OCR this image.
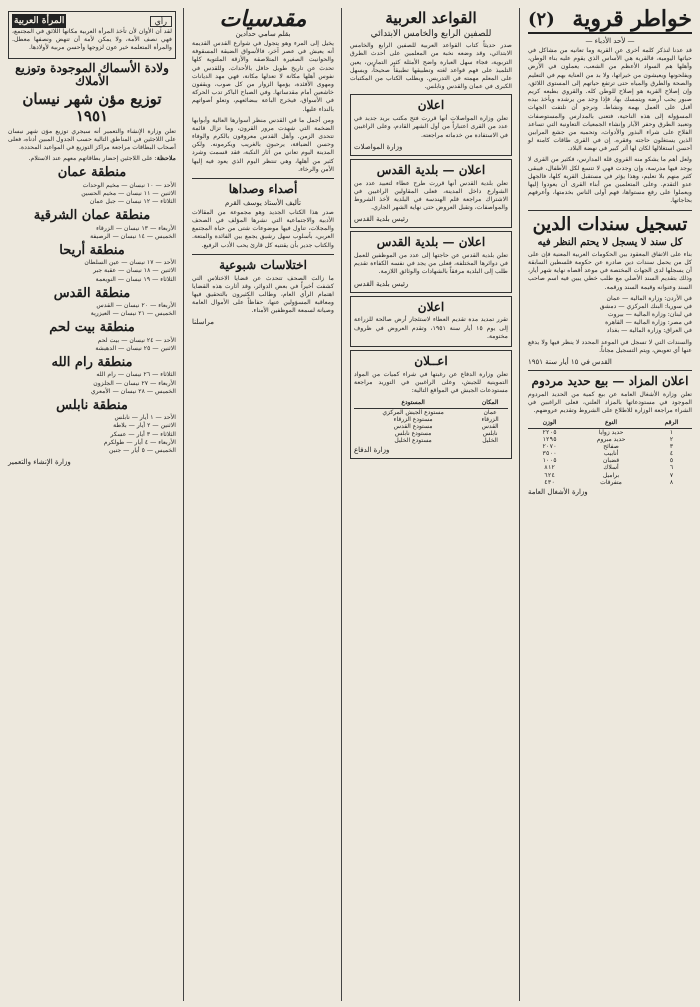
خواطر قروية
(٢)
— لأحد الأدباء —

قد عدنا لنذكر كلمة أخرى عن القرية وما تعانيه من مشاكل في حياتها اليومية، فالقرية هي الأساس الذي يقوم عليه بناء الوطن، وأهلها هم السواد الأعظم من الشعب، يعملون في الأرض ويفلحونها ويعيشون من خيراتها، ولا بد من العناية بهم في التعليم والصحة والطرق والمياه حتى ترتفع حياتهم إلى المستوى اللائق، وإن إصلاح القرية هو إصلاح للوطن كله. والقروي بطبعه كريم صبور يحب أرضه ويتمسك بها، فإذا وجد من يرشده ويأخذ بيده أقبل على العمل بهمة ونشاط. ونرجو أن تلتفت الجهات المسؤولة إلى هذه الناحية، فتعنى بالمدارس والمستوصفات وتعبيد الطرق وحفر الآبار وإنشاء الجمعيات التعاونية التي تساعد الفلاح على شراء البذور والأدوات، وتحميه من جشع المرابين الذين يستغلون حاجته وفقره. إن في القرى طاقات كامنة لو أحسن استغلالها لكان لها أثر كبير في نهضة البلاد.

ولعل أهم ما يشكو منه القروي قلة المدارس، فكثير من القرى لا يوجد فيها مدرسة، وإن وجدت فهي لا تتسع لكل الأطفال، فيبقى كثير منهم بلا تعليم، وهذا يؤثر في مستقبل القرية كلها، فالجهل عدو التقدم. وعلى المتعلمين من أبناء القرى أن يعودوا إليها ويعملوا على رفع مستواها، فهم أولى الناس بخدمتها، وأعرفهم بحاجاتها.

تسجيل سندات الدين
كل سند لا يسجل لا يحتم النظر فيه

بناء على الاتفاق المعقود بين الحكومات العربية المعنية فإن على كل من يحمل سندات دين صادرة عن حكومة فلسطين السابقة أن يسجلها لدى الجهات المختصة في موعد أقصاه نهاية شهر أيار، وذلك بتقديم السند الأصلي مع طلب خطي يبين فيه اسم صاحب السند وعنوانه وقيمة السند ورقمه.

في الأردن: وزارة المالية — عمان
في سوريا: البنك المركزي — دمشق
في لبنان: وزارة المالية — بيروت
في مصر: وزارة المالية — القاهرة
في العراق: وزارة المالية — بغداد

والسندات التي لا تسجل في الموعد المحدد لا ينظر فيها ولا يدفع عنها أي تعويض، ويتم التسجيل مجاناً.

القدس في ١٥ أيار سنة ١٩٥١
اعلان المزاد — بيع حديد مردوم

تعلن وزارة الأشغال العامة عن بيع كمية من الحديد المردوم الموجود في مستودعاتها بالمزاد العلني، فعلى الراغبين في الشراء مراجعة الوزارة للاطلاع على الشروط وتقديم عروضهم.

الرقم	النوع	الوزن
١	حديد زوايا	٢٢٠٥
٢	حديد مبروم	١٢٩٥
٣	صفائح	٢٠٧٠
٤	أنابيب	٣٥٠٠
٥	قضبان	١٠٠٥
٦	أسلاك	٨١٢
٧	براميل	٦٢٤
٨	متفرقات	٤٣٠
وزارة الأشغال العامة
القواعد العربية
للصفين الرابع والخامس الابتدائي

صدر حديثاً كتاب القواعد العربية للصفين الرابع والخامس الابتدائي، وقد وضعه نخبة من المعلمين على أحدث الطرق التربوية، فجاء سهل العبارة واضح الأمثلة كثير التمارين، يعين التلميذ على فهم قواعد لغته وتطبيقها تطبيقاً صحيحاً، ويسهل على المعلم مهمته في التدريس. ويطلب الكتاب من المكتبات الكبرى في عمان والقدس ونابلس.

اعلان

تعلن وزارة المواصلات أنها قررت فتح مكتب بريد جديد في عدد من القرى اعتباراً من أول الشهر القادم، وعلى الراغبين في الاستفادة من خدماته مراجعته.

وزارة المواصلات
اعلان — بلدية القدس

تعلن بلدية القدس أنها قررت طرح عطاء لتعبيد عدد من الشوارع داخل المدينة، فعلى المقاولين الراغبين في الاشتراك مراجعة قلم الهندسة في البلدية لأخذ الشروط والمواصفات، وتقبل العروض حتى نهاية الشهر الجاري.

رئيس بلدية القدس
اعلان — بلدية القدس

تعلن بلدية القدس عن حاجتها إلى عدد من الموظفين للعمل في دوائرها المختلفة، فعلى من يجد في نفسه الكفاءة تقديم طلب إلى البلدية مرفقاً بالشهادات والوثائق اللازمة.

رئيس بلدية القدس
اعلان

تقرر تمديد مدة تقديم العطاء لاستئجار أرض صالحة للزراعة إلى يوم ١٥ أيار سنة ١٩٥١، وتقدم العروض في ظروف مختومة.

اعــلان

تعلن وزارة الدفاع عن رغبتها في شراء كميات من المواد التموينية للجيش، وعلى الراغبين في التوريد مراجعة مستودعات الجيش في المواقع التالية:

المكان	المستودع
عمان	مستودع الجيش المركزي
الزرقاء	مستودع الزرقاء
القدس	مستودع القدس
نابلس	مستودع نابلس
الخليل	مستودع الخليل
وزارة الدفاع
مقدسيات
بقلم سامي حدادين

يخيل إلى المرء وهو يتجول في شوارع القدس القديمة أنه يعيش في عصر آخر، فالأسواق الضيقة المسقوفة والحوانيت الصغيرة المتلاصقة والأزقة الملتوية كلها تحدث عن تاريخ طويل حافل بالأحداث. وللقدس في نفوس أهلها مكانة لا تعدلها مكانة، فهي مهد الديانات ومهوى الأفئدة، يؤمها الزوار من كل صوب، ويقفون خاشعين أمام مقدساتها. وفي الصباح الباكر تدب الحركة في الأسواق، فيخرج الباعة ببضائعهم، وتعلو أصواتهم بالنداء عليها.

ومن أجمل ما في القدس منظر أسوارها العالية وأبوابها الضخمة التي شهدت مرور القرون، وما تزال قائمة تتحدى الزمن. وأهل القدس معروفون بالكرم والوفاء وحسن الضيافة، يرحبون بالغريب ويكرمونه. ولكن المدينة اليوم تعاني من آثار النكبة، فقد قسمت وشرد كثير من أهلها، وهي تنتظر اليوم الذي يعود فيه إليها الأمن والرخاء.

أصداء وصداها
تأليف الأستاذ يوسف القرم

صدر هذا الكتاب الجديد وهو مجموعة من المقالات الأدبية والاجتماعية التي نشرها المؤلف في الصحف والمجلات، تناول فيها موضوعات شتى من حياة المجتمع العربي، بأسلوب سهل رشيق يجمع بين الفائدة والمتعة. والكتاب جدير بأن يقتنيه كل قارئ يحب الأدب الرفيع.

اختلاسات شبوعية

ما زالت الصحف تتحدث عن قضايا الاختلاس التي كشفت أخيراً في بعض الدوائر، وقد أثارت هذه القضايا اهتمام الرأي العام، وطالب الكثيرون بالتحقيق فيها ومعاقبة المسؤولين عنها، حفاظاً على الأموال العامة وصيانة لسمعة الموظفين الأمناء.

مراسلنا
رأي
المرأة العربية

لقد آن الأوان لأن تأخذ المرأة العربية مكانها اللائق في المجتمع، فهي نصف الأمة، ولا يمكن لأمة أن تنهض ونصفها معطل. والمرأة المتعلمة خير عون لزوجها وأحسن مربية لأولادها.

ولادة الأسماك الموجودة وتوزيع الأملاك
توزيع مؤن شهر نيسان ١٩٥١

تعلن وزارة الإنشاء والتعمير أنه سيجري توزيع مؤن شهر نيسان على اللاجئين في المناطق التالية حسب الجدول المبين أدناه، فعلى أصحاب البطاقات مراجعة مراكز التوزيع في المواعيد المحددة.

ملاحظة: على اللاجئين إحضار بطاقاتهم معهم عند الاستلام.

منطقة عمان
الأحد — ١٠ نيسان — مخيم الوحدات
الاثنين — ١١ نيسان — مخيم الحسين
الثلاثاء — ١٢ نيسان — جبل عمان
منطقة عمان الشرقية
الأربعاء — ١٣ نيسان — الزرقاء
الخميس — ١٤ نيسان — الرصيفة
منطقة أريحا
الأحد — ١٧ نيسان — عين السلطان
الاثنين — ١٨ نيسان — عقبة جبر
الثلاثاء — ١٩ نيسان — النويعمة
منطقة القدس
الأربعاء — ٢٠ نيسان — القدس
الخميس — ٢١ نيسان — العيزرية
منطقة بيت لحم
الأحد — ٢٤ نيسان — بيت لحم
الاثنين — ٢٥ نيسان — الدهيشة
منطقة رام الله
الثلاثاء — ٢٦ نيسان — رام الله
الأربعاء — ٢٧ نيسان — الجلزون
الخميس — ٢٨ نيسان — الأمعري
منطقة نابلس
الأحد — ١ أيار — نابلس
الاثنين — ٢ أيار — بلاطة
الثلاثاء — ٣ أيار — عسكر
الأربعاء — ٤ أيار — طولكرم
الخميس — ٥ أيار — جنين
وزارة الإنشاء والتعمير
